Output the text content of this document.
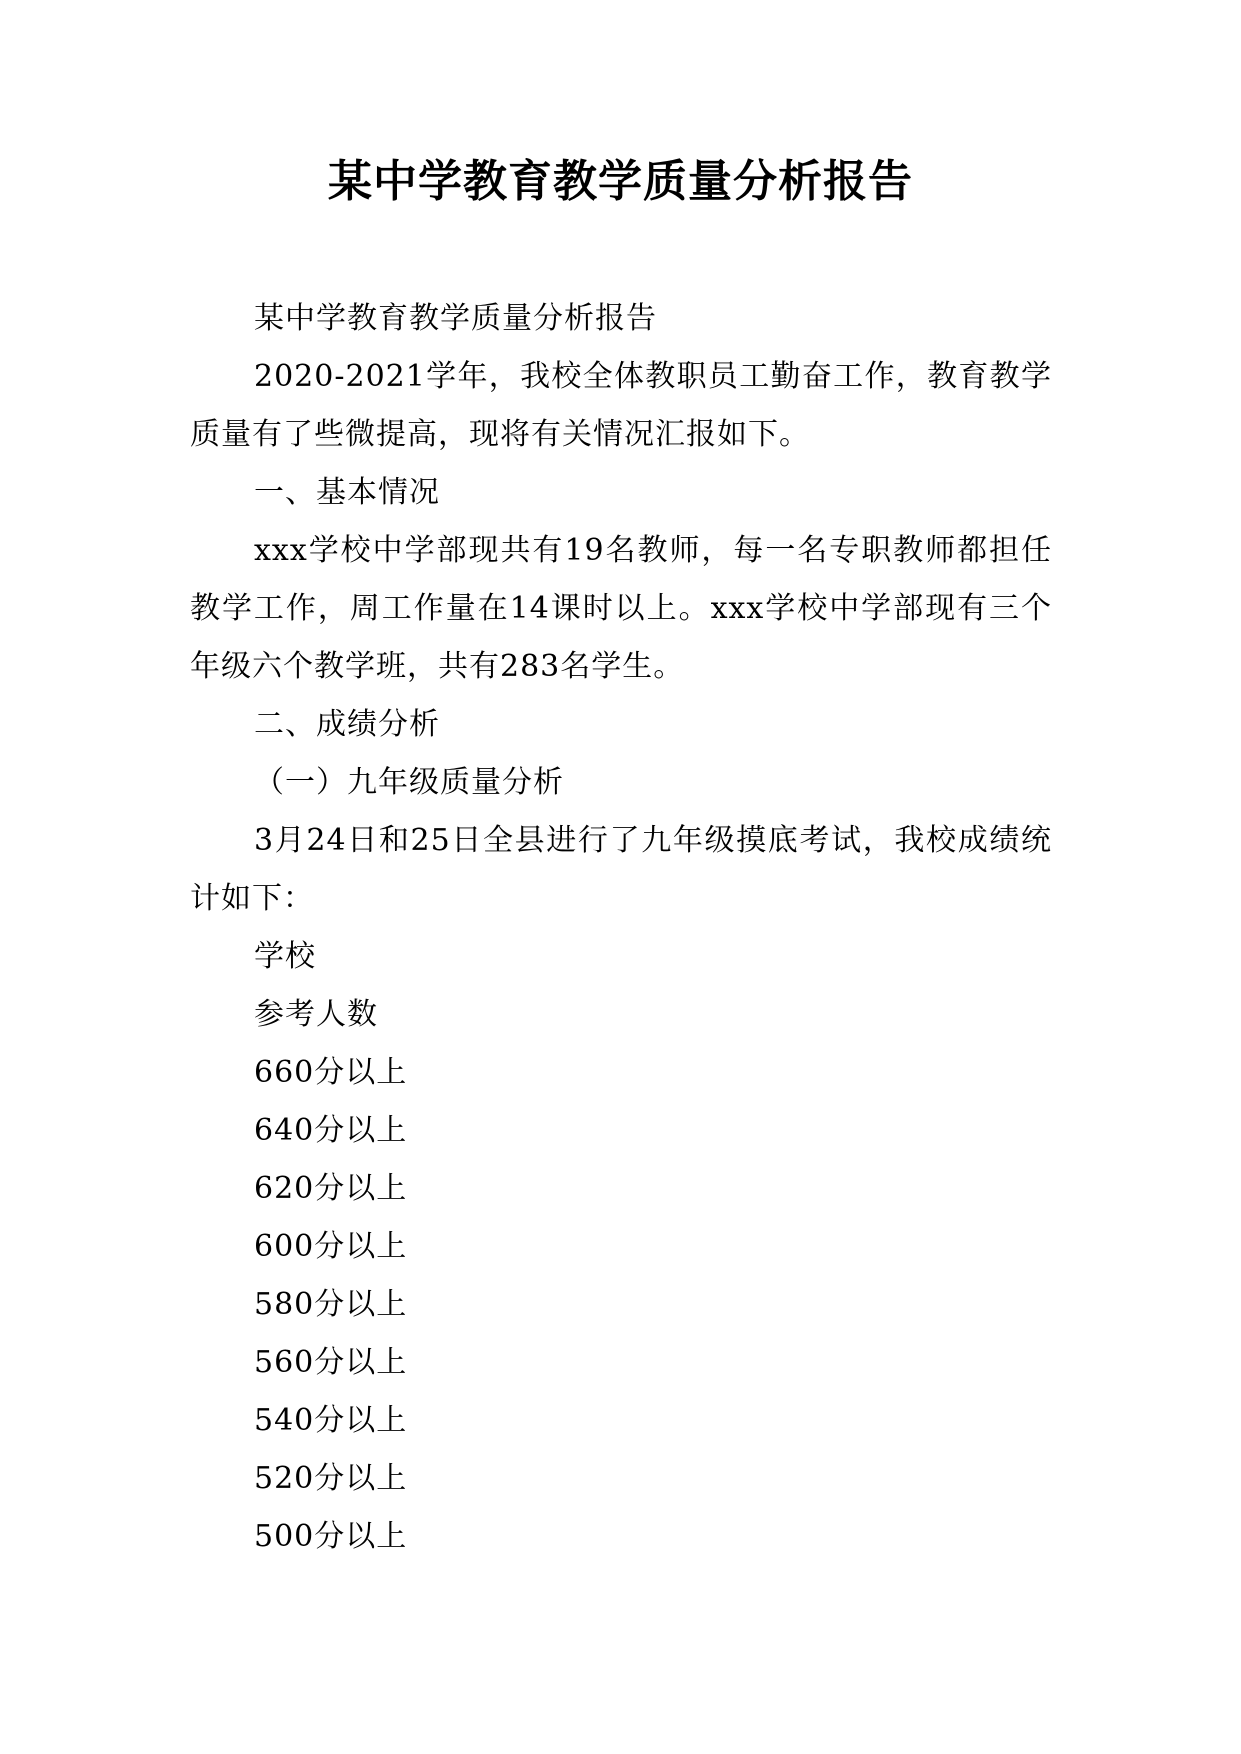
某中学教育教学质量分析报告

某中学教育教学质量分析报告

2020-2021学年，我校全体教职员工勤奋工作，教育教学质量有了些微提高，现将有关情况汇报如下。

一、基本情况

xxx学校中学部现共有19名教师，每一名专职教师都担任教学工作，周工作量在14课时以上。xxx学校中学部现有三个年级六个教学班，共有283名学生。

二、成绩分析

（一）九年级质量分析

3月24日和25日全县进行了九年级摸底考试，我校成绩统计如下：

学校

参考人数

660分以上

640分以上

620分以上

600分以上

580分以上

560分以上

540分以上

520分以上

500分以上
